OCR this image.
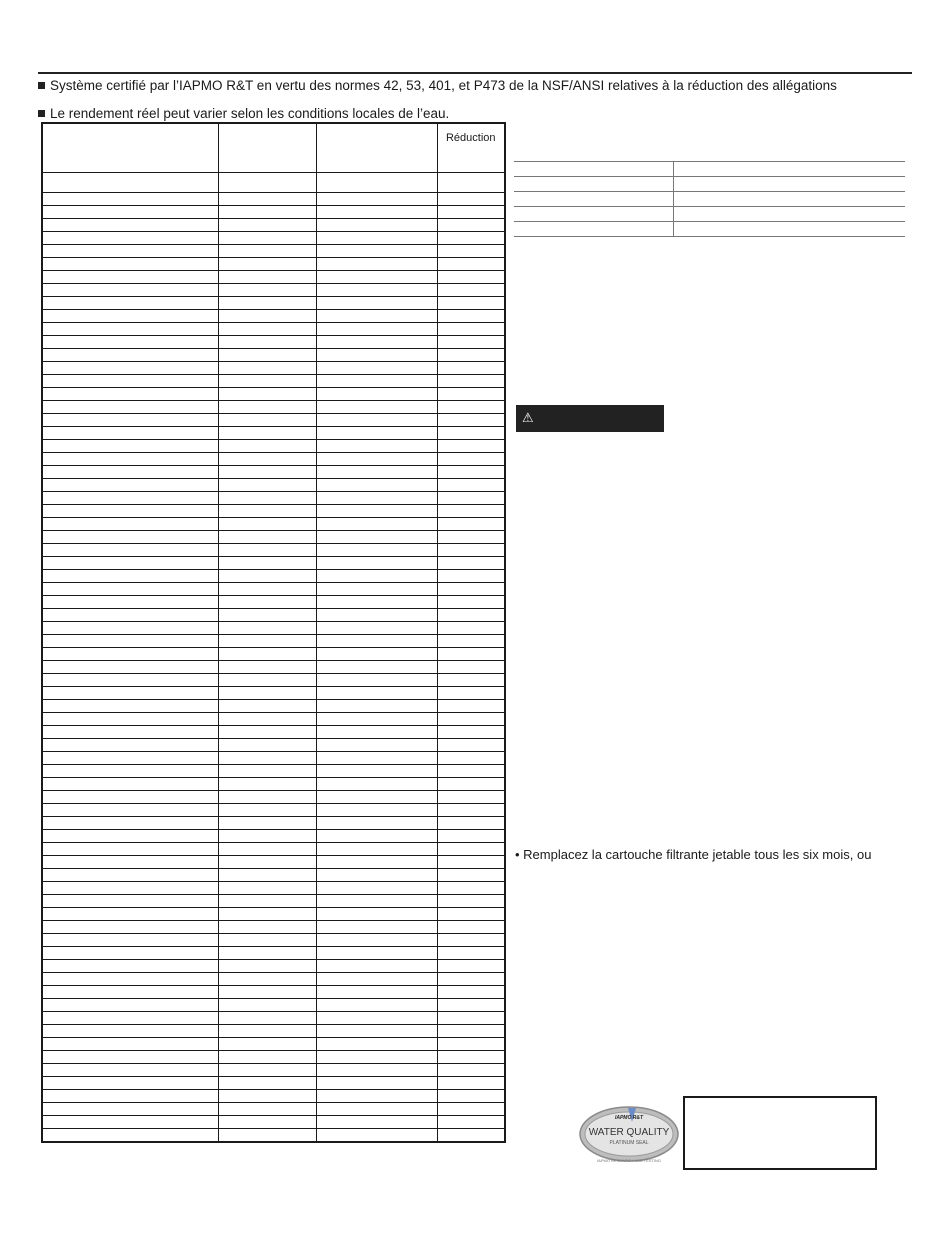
Système certifié par l’IAPMO R&T en vertu des normes 42, 53, 401, et P473 de la NSF/ANSI relatives à la réduction des allégations
Le rendement réel peut varier selon les conditions locales de l’eau.
			Réduction

⚠
• Remplacez la cartouche filtrante jetable tous les six mois, ou
IAPMO R&T
WATER QUALITY
PLATINUM SEAL
IAPMO RESEARCH AND TESTING
